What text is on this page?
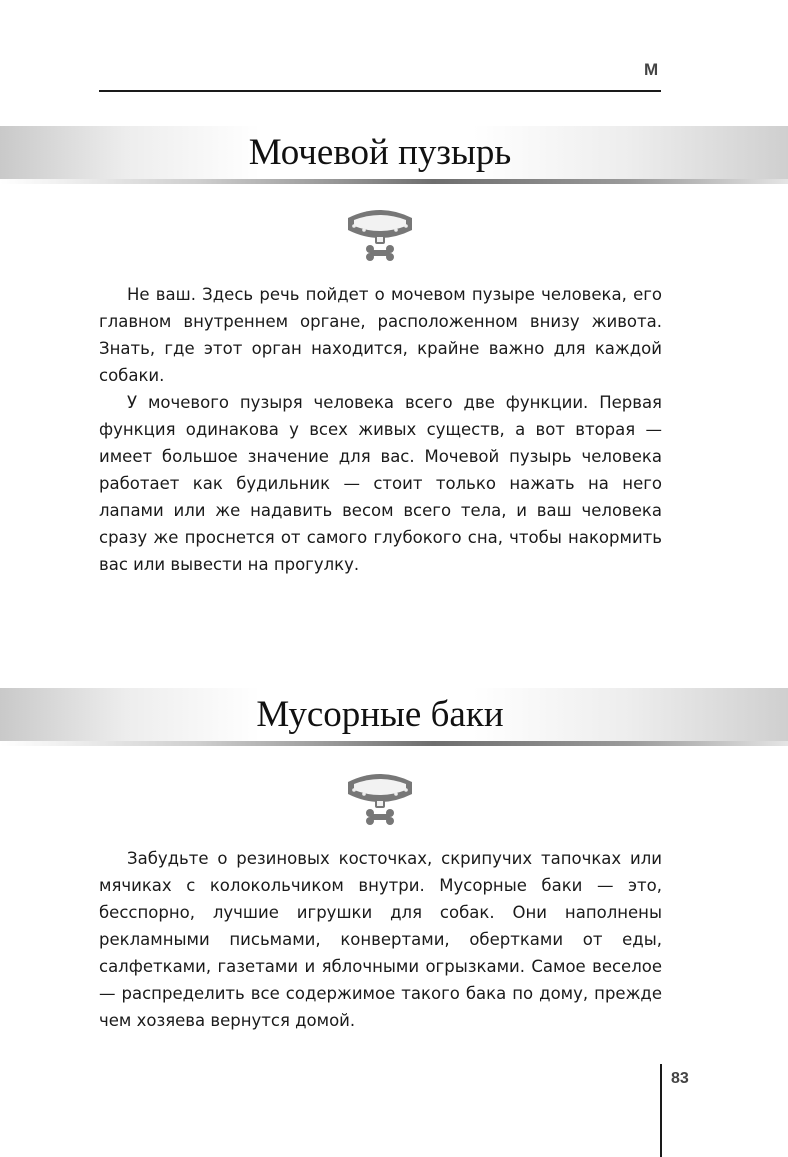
М
Мочевой пузырь

Не ваш. Здесь речь пойдет о мочевом пузыре человека, его главном внутреннем органе, расположенном внизу живота. Знать, где этот орган находится, крайне важно для каждой собаки.

У мочевого пузыря человека всего две функции. Первая функция одинакова у всех живых существ, а вот вторая — имеет большое значение для вас. Мочевой пузырь человека работает как будильник — стоит только нажать на него лапами или же надавить весом всего тела, и ваш человека сразу же проснется от самого глубокого сна, чтобы накормить вас или вывести на прогулку.

Мусорные баки

Забудьте о резиновых косточках, скрипучих тапочках или мячиках с колокольчиком внутри. Мусорные баки — это, бесспорно, лучшие игрушки для собак. Они наполнены рекламными письмами, конвертами, обертками от еды, салфетками, газетами и яблочными огрызками. Самое веселое — распределить все содержимое такого бака по дому, прежде чем хозяева вернутся домой.

83
